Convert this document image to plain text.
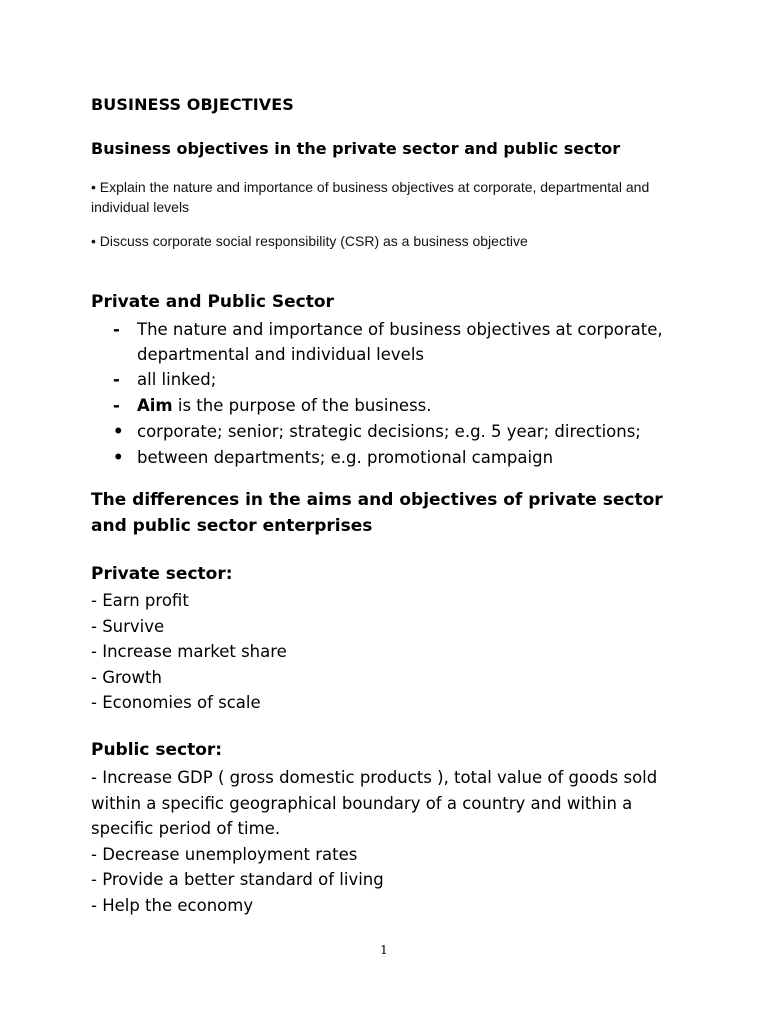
BUSINESS OBJECTIVES
Business objectives in the private sector and public sector
• Explain the nature and importance of business objectives at corporate, departmental and individual levels
• Discuss corporate social responsibility (CSR) as a business objective
Private and Public Sector
- The nature and importance of business objectives at corporate,
departmental and individual levels
- all linked;
- Aim is the purpose of the business.
• corporate; senior; strategic decisions; e.g. 5 year; directions;
• between departments; e.g. promotional campaign
The differences in the aims and objectives of private sector and public sector enterprises
Private sector:
- Earn profit
- Survive
- Increase market share
- Growth
- Economies of scale
Public sector:
- Increase GDP ( gross domestic products ), total value of goods sold within a specific geographical boundary of a country and within a specific period of time.
- Decrease unemployment rates
- Provide a better standard of living
- Help the economy
1
